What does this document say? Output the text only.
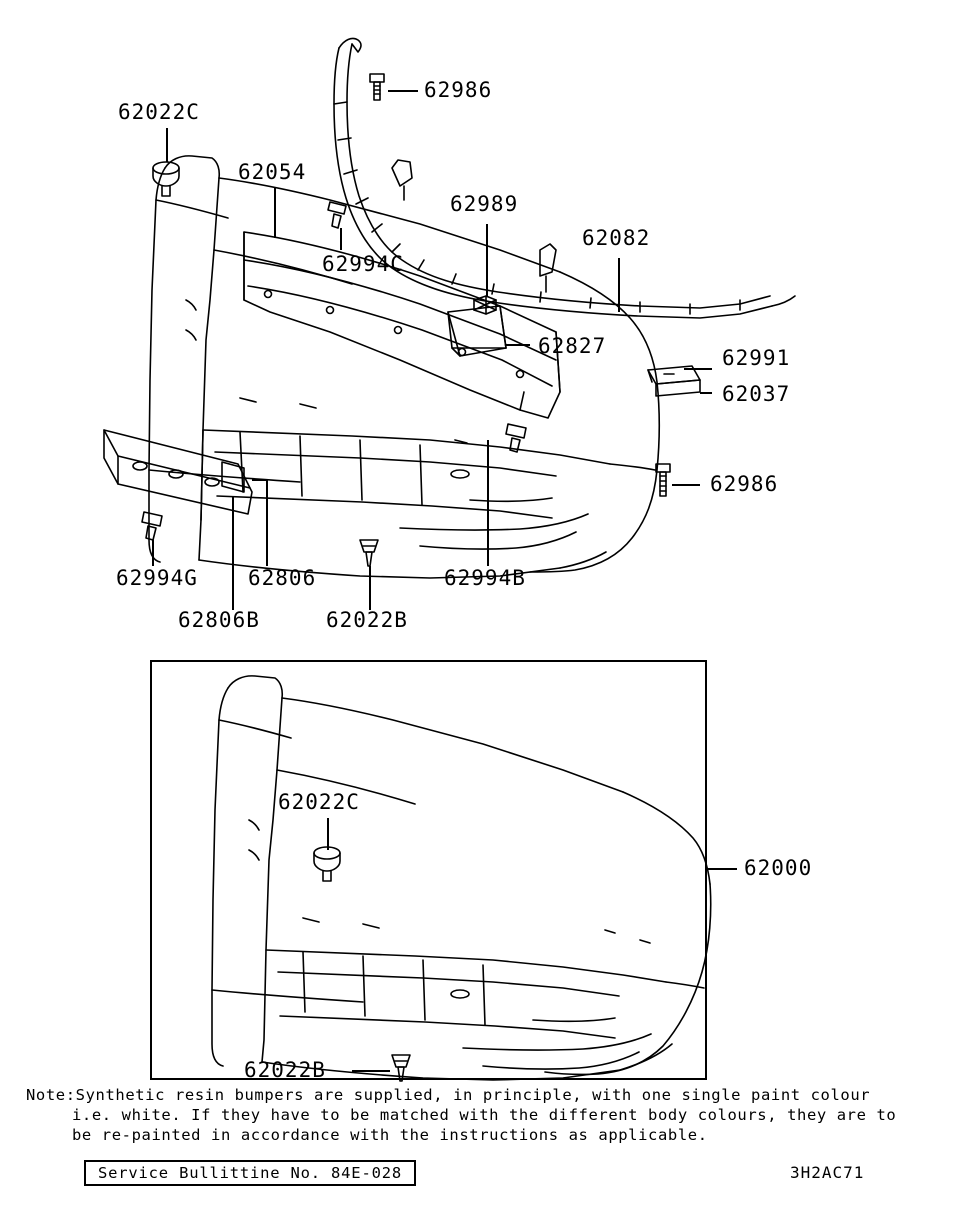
62022C
62054
62994C
62986
62989
62082
62827	62991
62037
62986
62994G 62806
62806B	62022B
62994B
62022C
62022B
62000
Note:Synthetic resin bumpers are supplied, in principle, with one single paint colour
i.e. white. If they have to be matched with the different body colours, they are to
be re-painted in accordance with the instructions as applicable.
Service Bullittine No. 84E-028	3H2AC71
